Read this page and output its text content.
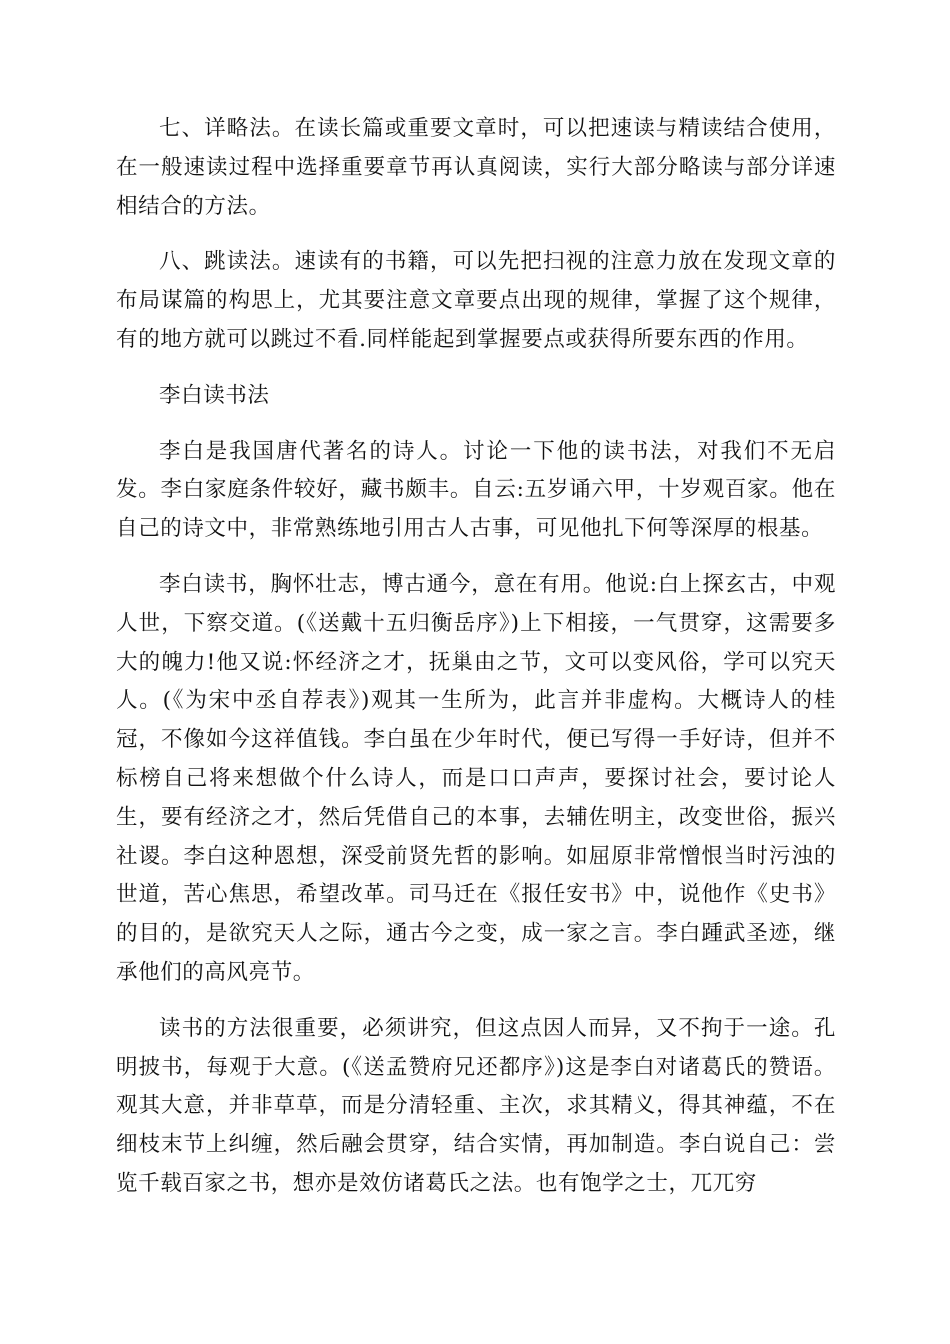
七、详略法。在读长篇或重要文章时，可以把速读与精读结合使用，在一般速读过程中选择重要章节再认真阅读，实行大部分略读与部分详速相结合的方法。

八、跳读法。速读有的书籍，可以先把扫视的注意力放在发现文章的布局谋篇的构思上，尤其要注意文章要点出现的规律，掌握了这个规律，有的地方就可以跳过不看.同样能起到掌握要点或获得所要东西的作用。

李白读书法

李白是我国唐代著名的诗人。讨论一下他的读书法，对我们不无启发。李白家庭条件较好，藏书颇丰。自云:五岁诵六甲，十岁观百家。他在自己的诗文中，非常熟练地引用古人古事，可见他扎下何等深厚的根基。

李白读书，胸怀壮志，博古通今，意在有用。他说:白上探玄古，中观人世，下察交道。(《送戴十五归衡岳序》)上下相接，一气贯穿，这需要多大的魄力!他又说:怀经济之才，抚巢由之节，文可以变风俗，学可以究天人。(《为宋中丞自荐表》)观其一生所为，此言并非虚构。大概诗人的桂冠，不像如今这祥值钱。李白虽在少年时代，便已写得一手好诗，但并不标榜自己将来想做个什么诗人，而是口口声声，要探讨社会，要讨论人生，要有经济之才，然后凭借自己的本事，去辅佐明主，改变世俗，振兴社谡。李白这种恩想，深受前贤先哲的影响。如屈原非常憎恨当时污浊的世道，苦心焦思，希望改革。司马迁在《报任安书》中，说他作《史书》的目的，是欲究天人之际，通古今之变，成一家之言。李白踵武圣迹，继承他们的高风亮节。

读书的方法很重要，必须讲究，但这点因人而异，又不拘于一途。孔明披书，每观于大意。(《送孟赞府兄还都序》)这是李白对诸葛氏的赞语。观其大意，并非草草，而是分清轻重、主次，求其精义，得其神蕴，不在细枝末节上纠缠，然后融会贯穿，结合实情，再加制造。李白说自己：尝览千载百家之书，想亦是效仿诸葛氏之法。也有饱学之士，兀兀穷
